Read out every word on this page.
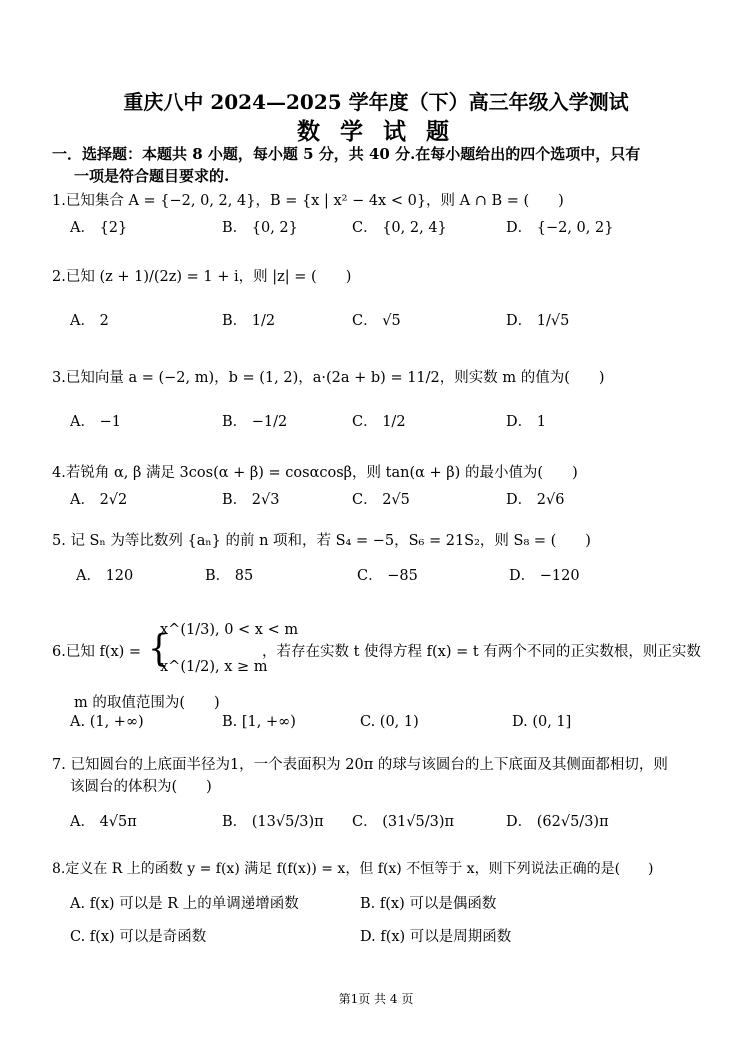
重庆八中 2024—2025 学年度（下）高三年级入学测试
数 学 试 题
一．选择题：本题共 8 小题，每小题 5 分，共 40 分.在每小题给出的四个选项中，只有
一项是符合题目要求的.
1.已知集合 A = {−2, 0, 2, 4}，B = {x | x² − 4x < 0}，则 A ∩ B = (　　)
A． {2}	B． {0, 2}	C． {0, 2, 4}	D． {−2, 0, 2}
2.已知 (z + 1)/(2z) = 1 + i，则 |z| = (　　)
A． 2	B． 1/2	C． √5	D． 1/√5
3.已知向量 a = (−2, m)，b = (1, 2)，a·(2a + b) = 11/2，则实数 m 的值为(　　)
A． −1	B． −1/2	C． 1/2	D． 1
4.若锐角 α, β 满足 3cos(α + β) = cosαcosβ，则 tan(α + β) 的最小值为(　　)
A． 2√2	B． 2√3	C． 2√5	D． 2√6
5. 记 Sₙ 为等比数列 {aₙ} 的前 n 项和，若 S₄ = −5，S₆ = 21S₂，则 S₈ = (　　)
A． 120	B． 85	C． −85	D． −120
6.已知 f(x) = {
x^(1/3), 0 < x < m
x^(1/2), x ≥ m
，若存在实数 t 使得方程 f(x) = t 有两个不同的正实数根，则正实数
m 的取值范围为(　　)
A. (1, +∞)	B. [1, +∞)	C. (0, 1)	D. (0, 1]
7. 已知圆台的上底面半径为1，一个表面积为 20π 的球与该圆台的上下底面及其侧面都相切，则
该圆台的体积为(　　)
A． 4√5π	B． (13√5/3)π C． (31√5/3)π	D． (62√5/3)π
8.定义在 R 上的函数 y = f(x) 满足 f(f(x)) = x，但 f(x) 不恒等于 x，则下列说法正确的是(　　)
A. f(x) 可以是 R 上的单调递增函数	B. f(x) 可以是偶函数
C. f(x) 可以是奇函数	D. f(x) 可以是周期函数
第1页 共 4 页
